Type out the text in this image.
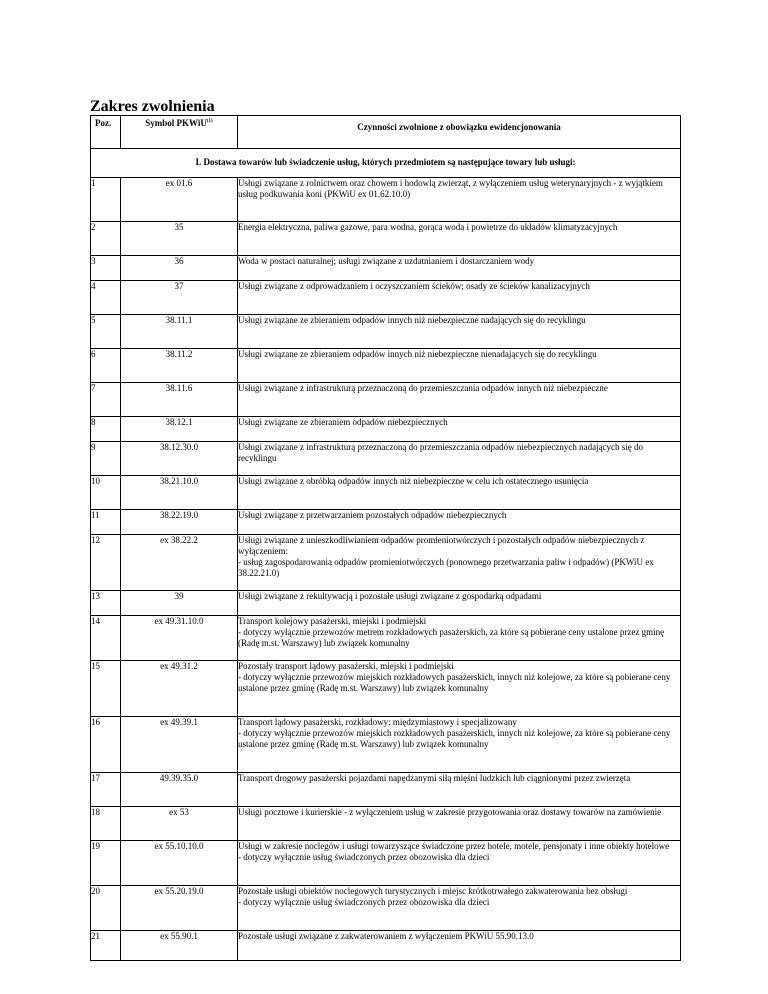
Zakres zwolnienia
Poz.	Symbol PKWiU$^{(1)}$	Czynności zwolnione z obowiązku ewidencjonowania
I. Dostawa towarów lub świadczenie usług, których przedmiotem są następujące towary lub usługi:		
1	ex 01.6	Usługi związane z rolnictwem oraz chowem i hodowlą zwierząt, z wyłączeniem usług weterynaryjnych - z wyjątkiem usług podkuwania koni (PKWiU ex 01.62.10.0)
2	35	Energia elektryczna, paliwa gazowe, para wodna, gorąca woda i powietrze do układów klimatyzacyjnych
3	36	Woda w postaci naturalnej; usługi związane z uzdatnianiem i dostarczaniem wody
4	37	Usługi związane z odprowadzaniem i oczyszczaniem ścieków; osady ze ścieków kanalizacyjnych
5	38.11.1	Usługi związane ze zbieraniem odpadów innych niż niebezpieczne nadających się do recyklingu
6	38.11.2	Usługi związane ze zbieraniem odpadów innych niż niebezpieczne nienadających się do recyklingu
7	38.11.6	Usługi związane z infrastrukturą przeznaczoną do przemieszczania odpadów innych niż niebezpieczne
8	38.12.1	Usługi związane ze zbieraniem odpadów niebezpiecznych
9	38.12.30.0	Usługi związane z infrastrukturą przeznaczoną do przemieszczania odpadów niebezpiecznych nadających się do recyklingu
10	38.21.10.0	Usługi związane z obróbką odpadów innych niż niebezpieczne w celu ich ostatecznego usunięcia
11	38.22.19.0	Usługi związane z przetwarzaniem pozostałych odpadów niebezpiecznych
12	ex 38.22.2	Usługi związane z unieszkodliwianiem odpadów promieniotwórczych i pozostałych odpadów niebezpiecznych z wyłączeniem:
- usług zagospodarowania odpadów promieniotwórczych (ponownego przetwarzania paliw i odpadów) (PKWiU ex 38.22.21.0)
13	39	Usługi związane z rekultywacją i pozostałe usługi związane z gospodarką odpadami
14	ex 49.31.10.0	Transport kolejowy pasażerski, miejski i podmiejski
- dotyczy wyłącznie przewozów metrem rozkładowych pasażerskich, za które są pobierane ceny ustalone przez gminę (Radę m.st. Warszawy) lub związek komunalny
15	ex 49.31.2	Pozostały transport lądowy pasażerski, miejski i podmiejski
- dotyczy wyłącznie przewozów miejskich rozkładowych pasażerskich, innych niż kolejowe, za które są pobierane ceny ustalone przez gminę (Radę m.st. Warszawy) lub związek komunalny
16	ex 49.39.1	Transport lądowy pasażerski, rozkładowy: międzymiastowy i specjalizowany
- dotyczy wyłącznie przewozów miejskich rozkładowych pasażerskich, innych niż kolejowe, za które są pobierane ceny ustalone przez gminę (Radę m.st. Warszawy) lub związek komunalny
17	49.39.35.0	Transport drogowy pasażerski pojazdami napędzanymi siłą mięśni ludzkich lub ciągnionymi przez zwierzęta
18	ex 53	Usługi pocztowe i kurierskie - z wyłączeniem usług w zakresie przygotowania oraz dostawy towarów na zamówienie
19	ex 55.10.10.0	Usługi w zakresie noclegów i usługi towarzyszące świadczone przez hotele, motele, pensjonaty i inne obiekty hotelowe
- dotyczy wyłącznie usług świadczonych przez obozowiska dla dzieci
20	ex 55.20.19.0	Pozostałe usługi obiektów noclegowych turystycznych i miejsc krótkotrwałego zakwaterowania bez obsługi
- dotyczy wyłącznie usług świadczonych przez obozowiska dla dzieci
21	ex 55.90.1	Pozostałe usługi związane z zakwaterowaniem z wyłączeniem PKWiU 55.90.13.0
